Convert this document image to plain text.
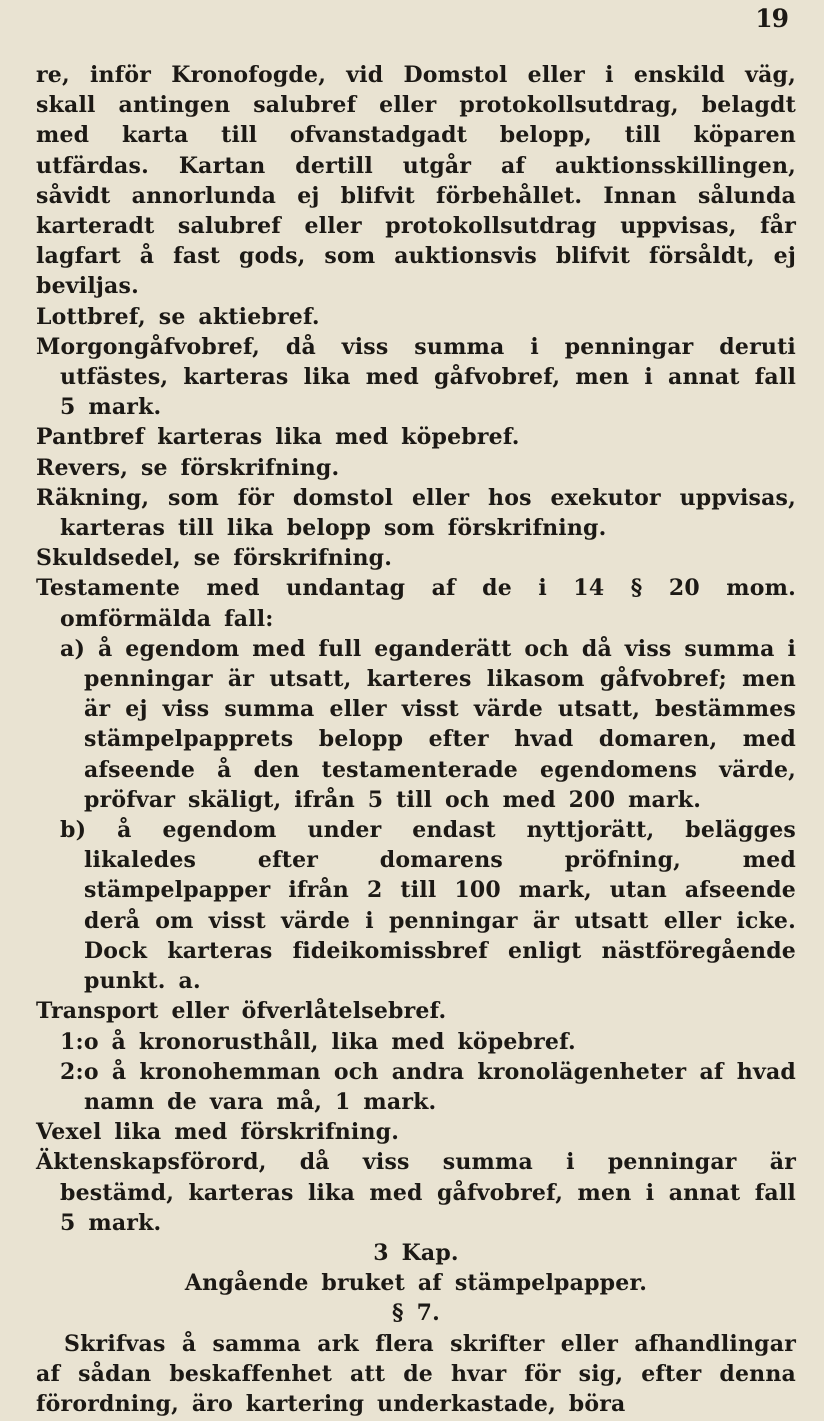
19

re, inför Kronofogde, vid Domstol eller i enskild väg, skall antingen salubref eller protokollsutdrag, belagdt med karta till ofvanstadgadt belopp, till köparen utfärdas. Kartan dertill utgår af auktionsskillingen, såvidt annorlunda ej blifvit förbehållet. Innan sålunda karteradt salubref eller protokollsutdrag uppvisas, får lagfart å fast gods, som auktionsvis blifvit försåldt, ej beviljas.

Lottbref, se aktiebref.

Morgongåfvobref, då viss summa i penningar deruti utfästes, karteras lika med gåfvobref, men i annat fall 5 mark.

Pantbref karteras lika med köpebref.

Revers, se förskrifning.

Räkning, som för domstol eller hos exekutor uppvisas, karteras till lika belopp som förskrifning.

Skuldsedel, se förskrifning.

Testamente med undantag af de i 14 § 20 mom. omförmälda fall:

a) å egendom med full eganderätt och då viss summa i penningar är utsatt, karteres likasom gåfvobref; men är ej viss summa eller visst värde utsatt, bestämmes stämpelpapprets belopp efter hvad domaren, med afseende å den testamenterade egendomens värde, pröfvar skäligt, ifrån 5 till och med 200 mark.

b) å egendom under endast nyttjorätt, belägges likaledes efter domarens pröfning, med stämpelpapper ifrån 2 till 100 mark, utan afseende derå om visst värde i penningar är utsatt eller icke. Dock karteras fideikomissbref enligt nästföregående punkt. a.

Transport eller öfverlåtelsebref.

1:o å kronorusthåll, lika med köpebref.

2:o å kronohemman och andra kronolägenheter af hvad namn de vara må, 1 mark.

Vexel lika med förskrifning.

Äktenskapsförord, då viss summa i penningar är bestämd, karteras lika med gåfvobref, men i annat fall 5 mark.

3 Kap.

Angående bruket af stämpelpapper.

§ 7.

Skrifvas å samma ark flera skrifter eller afhandlingar af sådan beskaffenhet att de hvar för sig, efter denna förordning, äro kartering underkastade, böra
